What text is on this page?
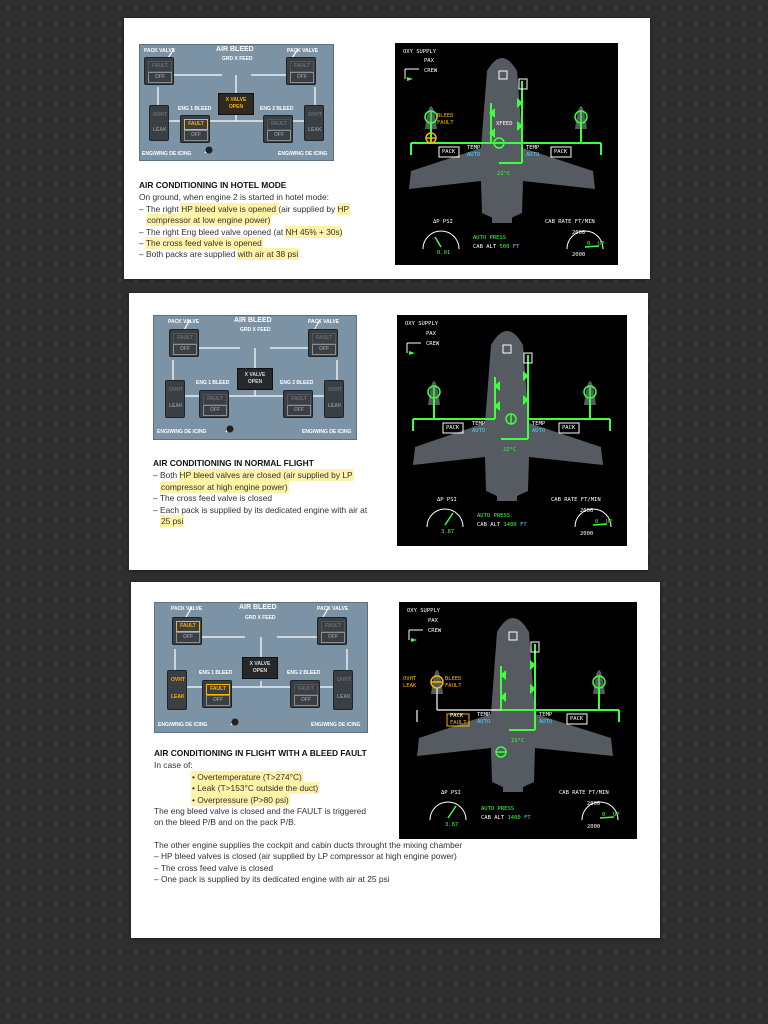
PACK VALVE	AIR BLEED
GRD X FEED
PACK VALVE
FAULT
OFF
FAULT
OFF
X VALVE
OPEN
ENG 1 BLEED	ENG 2 BLEED
OVHT
LEAK
FAULT
OFF
FAULT
OFF
OVHT
LEAK
ENG/WING DE ICING	ENG/WING DE ICING
OXY SUPPLY
PAX
CREW
BLEED
FAULT	XFEED
PACK	PACK
TEMP
AUTO
TEMP
AUTO
21°C
ΔP PSI	CAB RATE FT/MIN
0.01
AUTO PRESS
CAB ALT 500 FT
2000
0 UP
2000
AIR CONDITIONING IN HOTEL MODE
On ground, when engine 2 is started in hotel mode:
– The right HP bleed valve is opened (air supplied by HP
compressor at low engine power)
– The right Eng bleed valve opened (at NH 45% + 30s)
– The cross feed valve is opened
– Both packs are supplied with air at 38 psi
PACK VALVE	AIR BLEED
GRD X FEED
PACK VALVE
FAULT
OFF
FAULT
OFF
X VALVE
OPEN
ENG 1 BLEED	ENG 2 BLEED
OVHT
LEAK
FAULT
OFF
FAULT
OFF
OVHT
LEAK
ENG/WING DE ICING	ENG/WING DE ICING
OXY SUPPLY
PAX
CREW
PACK	PACK
TEMP
AUTO
TEMP
AUTO
22°C
ΔP PSI	CAB RATE FT/MIN
3.87
AUTO PRESS
CAB ALT 1400 FT
2000
0 UP
2000
AIR CONDITIONING IN NORMAL FLIGHT
– Both HP bleed valves are closed (air supplied by LP
compressor at high engine power)
– The cross feed valve is closed
– Each pack is supplied by its dedicated engine with air at
25 psi
PACK VALVE	AIR BLEED
GRD X FEED
PACK VALVE
FAULT
OFF
FAULT
OFF
X VALVE
OPEN
ENG 1 BLEED	ENG 2 BLEED
OVHT
LEAK
FAULT
OFF
FAULT
OFF
OVHT
LEAK
ENG/WING DE ICING	ENG/WING DE ICING
OXY SUPPLY
PAX
CREW
OVHT
LEAK
BLEED
FAULT
PACK
FAULT
PACK
TEMP
AUTO
TEMP
AUTO
21°C
ΔP PSI	CAB RATE FT/MIN
3.87
AUTO PRESS
CAB ALT 1400 FT
2000
0 UP
2000
AIR CONDITIONING IN FLIGHT WITH A BLEED FAULT
In case of:
• Overtemperature (T>274°C)
• Leak (T>153°C outside the duct)
• Overpressure (P>80 psi)
The eng bleed valve is closed and the FAULT is triggered
on the bleed P/B and on the pack P/B.
The other engine supplies the cockpit and cabin ducts throught the mixing chamber
– HP bleed valves is closed (air supplied by LP compressor at high engine power)
– The cross feed valve is closed
– One pack is supplied by its dedicated engine with air at 25 psi
